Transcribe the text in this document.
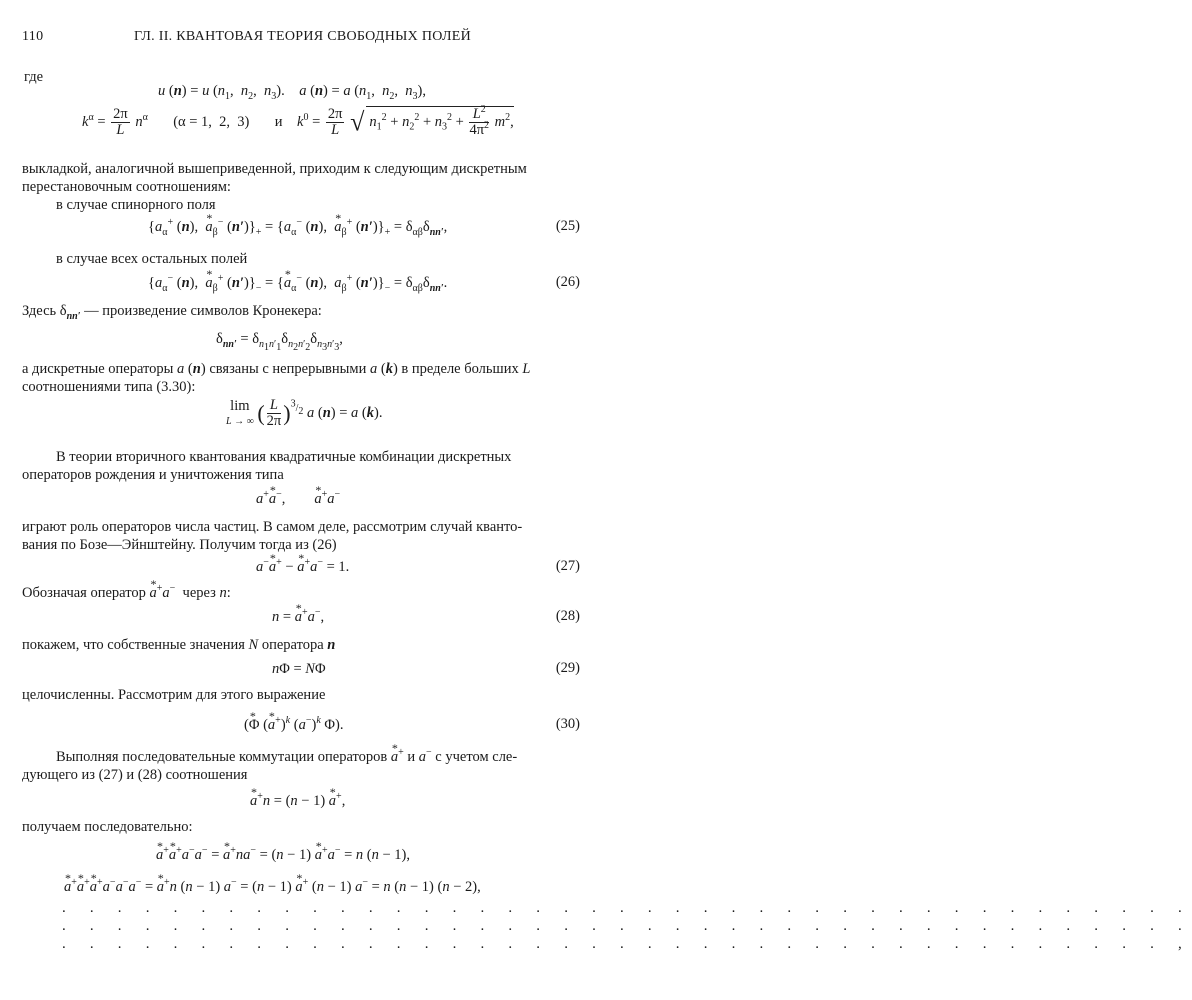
110	ГЛ. II. КВАНТОВАЯ ТЕОРИЯ СВОБОДНЫХ ПОЛЕЙ
где
u (n) = u ($n_1$,  $n_2$,  $n_3$).    a (n) = a ($n_1$,  $n_2$,  $n_3$),
$k^\alpha = \frac{2\pi}{L} n^\alpha$       (α = 1,  2,  3)       и    $k^0 = \frac{2\pi}{L}$ √ $n_1^2 + n_2^2 + n_3^2 + \frac{L^2}{4\pi^2} m^2$,
выкладкой, аналогичной вышеприведенной, приходим к следующим дискретным
перестановочным соотношениям:
в случае спинорного поля
{$a_\alpha^+$ (n),  * $a_\beta^-$ $(n')\}_+ = \{a_\alpha^-$ (n),  * $a_\beta^+$ $(n')\}_+ = \delta_{\alpha\beta}\delta_{nn'}$,	(25)
в случае всех остальных полей
{$a_\alpha^-$ (n),  * $a_\beta^+$ $(n')\}_-$ = {* $a_\alpha^-$ (n),  $a_\beta^+$ $(n')\}_- = \delta_{\alpha\beta}\delta_{nn'}$.	(26)
Здесь $\delta_{nn'}$ — произведение символов Кронекера:
$\delta_{nn'} = \delta_{n_1n'_1}\delta_{n_2n'_2}\delta_{n_3n'_3}$,
а дискретные операторы a (n) связаны с непрерывными a (k) в пределе больших L
соотношениями типа (3.30):
lim
L → ∞ ( $\frac{L}{2\pi} )^{^3/_2}$ a (n) = a (k).
В теории вторичного квантования квадратичные комбинации дискретных
операторов рождения и уничтожения типа
a+* a−,        * a+a−
играют роль операторов числа частиц. В самом деле, рассмотрим случай кванто-
вания по Бозе—Эйнштейну. Получим тогда из (26)
a−* a+ − * a+a− = 1.	(27)
Обозначая оператор * a+a− через n:
n = * a+a−,	(28)
покажем, что собственные значения N оператора n
nΦ = NΦ	(29)
целочисленны. Рассмотрим для этого выражение
(* Φ (* a+)$^k$ $(a^-)^k$ Φ).	(30)
Выполняя последовательные коммутации операторов * a+ и a− с учетом сле-
дующего из (27) и (28) соотношения
* a+n = (n − 1) * a+,
получаем последовательно:
* a+* a+a−a− = * a+na− = (n − 1) * a+a− = n (n − 1),
* a+* a+* a+a−a−a− = * a+n (n − 1) a− = (n − 1) * a+ (n − 1) a− = n (n − 1) (n − 2),
. . . . . . . . . . . . . . . . . . . . . . . . . . . . . . . . . . . . . . . . .
. . . . . . . . . . . . . . . . . . . . . . . . . . . . . . . . . . . . . . . . .
. . . . . . . . . . . . . . . . . . . . . . . . . . . . . . . . . . . . . . . . ,
